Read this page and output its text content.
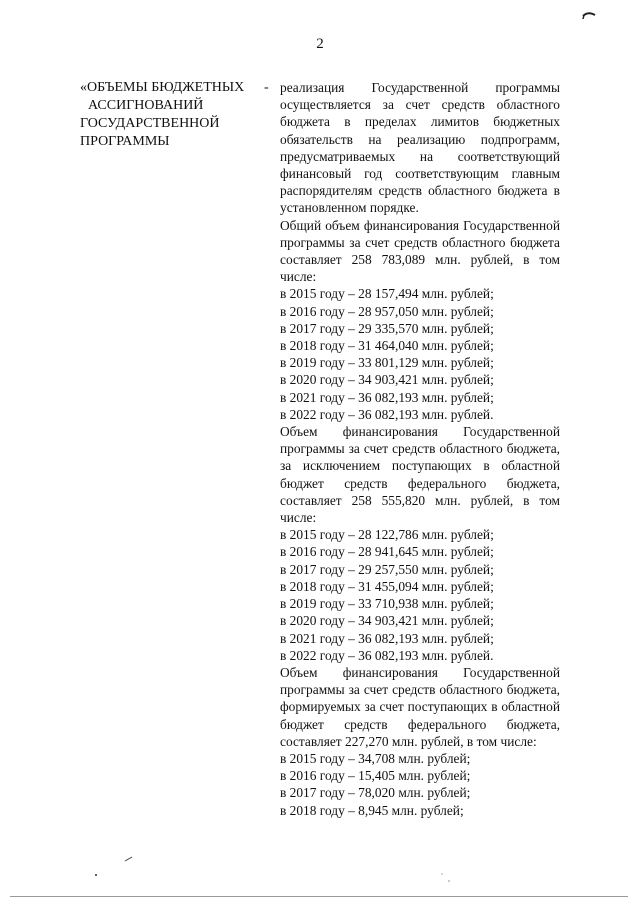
2
«ОБЪЕМЫ БЮДЖЕТНЫХ
АССИГНОВАНИЙ
ГОСУДАРСТВЕННОЙ
ПРОГРАММЫ
- реализация Государственной программы осуществляется за счет средств областного бюджета в пределах лимитов бюджетных обязательств на реализацию подпрограмм, предусматриваемых на соответствующий финансовый год соответствующим главным распорядителям средств областного бюджета в установленном порядке.

Общий объем финансирования Государственной программы за счет средств областного бюджета составляет 258 783,089 млн. рублей, в том числе:

в 2015 году – 28 157,494 млн. рублей;

в 2016 году – 28 957,050 млн. рублей;

в 2017 году – 29 335,570 млн. рублей;

в 2018 году – 31 464,040 млн. рублей;

в 2019 году – 33 801,129 млн. рублей;

в 2020 году – 34 903,421 млн. рублей;

в 2021 году – 36 082,193 млн. рублей;

в 2022 году – 36 082,193 млн. рублей.

Объем финансирования Государственной программы за счет средств областного бюджета, за исключением поступающих в областной бюджет средств федерального бюджета, составляет 258 555,820 млн. рублей, в том числе:

в 2015 году – 28 122,786 млн. рублей;

в 2016 году – 28 941,645 млн. рублей;

в 2017 году – 29 257,550 млн. рублей;

в 2018 году – 31 455,094 млн. рублей;

в 2019 году – 33 710,938 млн. рублей;

в 2020 году – 34 903,421 млн. рублей;

в 2021 году – 36 082,193 млн. рублей;

в 2022 году – 36 082,193 млн. рублей.

Объем финансирования Государственной программы за счет средств областного бюджета, формируемых за счет поступающих в областной бюджет средств федерального бюджета, составляет 227,270 млн. рублей, в том числе:

в 2015 году – 34,708 млн. рублей;

в 2016 году – 15,405 млн. рублей;

в 2017 году – 78,020 млн. рублей;

в 2018 году – 8,945 млн. рублей;
